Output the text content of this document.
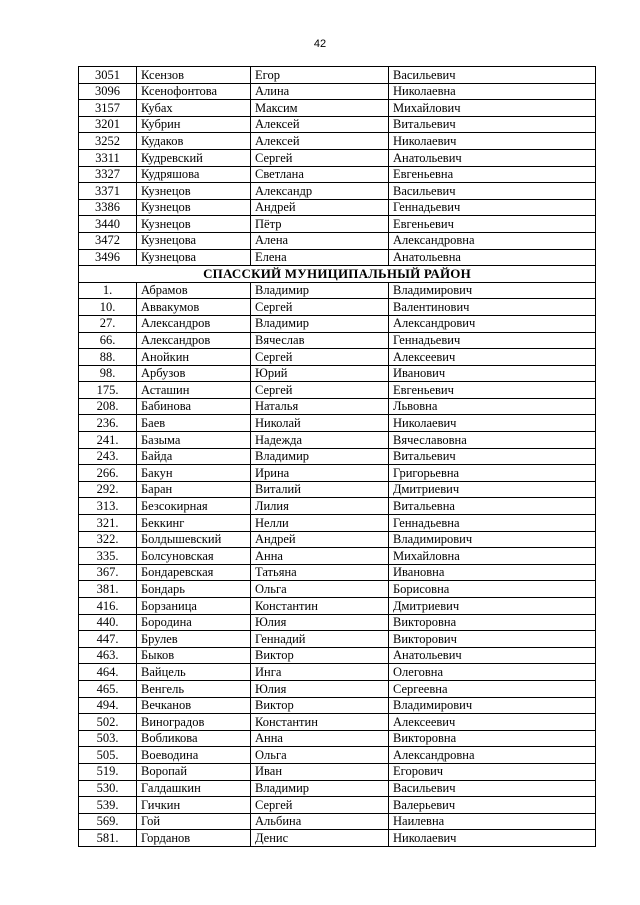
42
3051	Ксензов	Егор	Васильевич
3096	Ксенофонтова	Алина	Николаевна
3157	Кубах	Максим	Михайлович
3201	Кубрин	Алексей	Витальевич
3252	Кудаков	Алексей	Николаевич
3311	Кудревский	Сергей	Анатольевич
3327	Кудряшова	Светлана	Евгеньевна
3371	Кузнецов	Александр	Васильевич
3386	Кузнецов	Андрей	Геннадьевич
3440	Кузнецов	Пётр	Евгеньевич
3472	Кузнецова	Алена	Александровна
3496	Кузнецова	Елена	Анатольевна
СПАССКИЙ МУНИЦИПАЛЬНЫЙ РАЙОН			
1.	Абрамов	Владимир	Владимирович
10.	Аввакумов	Сергей	Валентинович
27.	Александров	Владимир	Александрович
66.	Александров	Вячеслав	Геннадьевич
88.	Анойкин	Сергей	Алексеевич
98.	Арбузов	Юрий	Иванович
175.	Асташин	Сергей	Евгеньевич
208.	Бабинова	Наталья	Львовна
236.	Баев	Николай	Николаевич
241.	Базыма	Надежда	Вячеславовна
243.	Байда	Владимир	Витальевич
266.	Бакун	Ирина	Григорьевна
292.	Баран	Виталий	Дмитриевич
313.	Безсокирная	Лилия	Витальевна
321.	Беккинг	Нелли	Геннадьевна
322.	Болдышевский	Андрей	Владимирович
335.	Болсуновская	Анна	Михайловна
367.	Бондаревская	Татьяна	Ивановна
381.	Бондарь	Ольга	Борисовна
416.	Борзаница	Константин	Дмитриевич
440.	Бородина	Юлия	Викторовна
447.	Брулев	Геннадий	Викторович
463.	Быков	Виктор	Анатольевич
464.	Вайцель	Инга	Олеговна
465.	Венгель	Юлия	Сергеевна
494.	Вечканов	Виктор	Владимирович
502.	Виноградов	Константин	Алексеевич
503.	Вобликова	Анна	Викторовна
505.	Воеводина	Ольга	Александровна
519.	Воропай	Иван	Егорович
530.	Галдашкин	Владимир	Васильевич
539.	Гичкин	Сергей	Валерьевич
569.	Гой	Альбина	Наилевна
581.	Горданов	Денис	Николаевич
